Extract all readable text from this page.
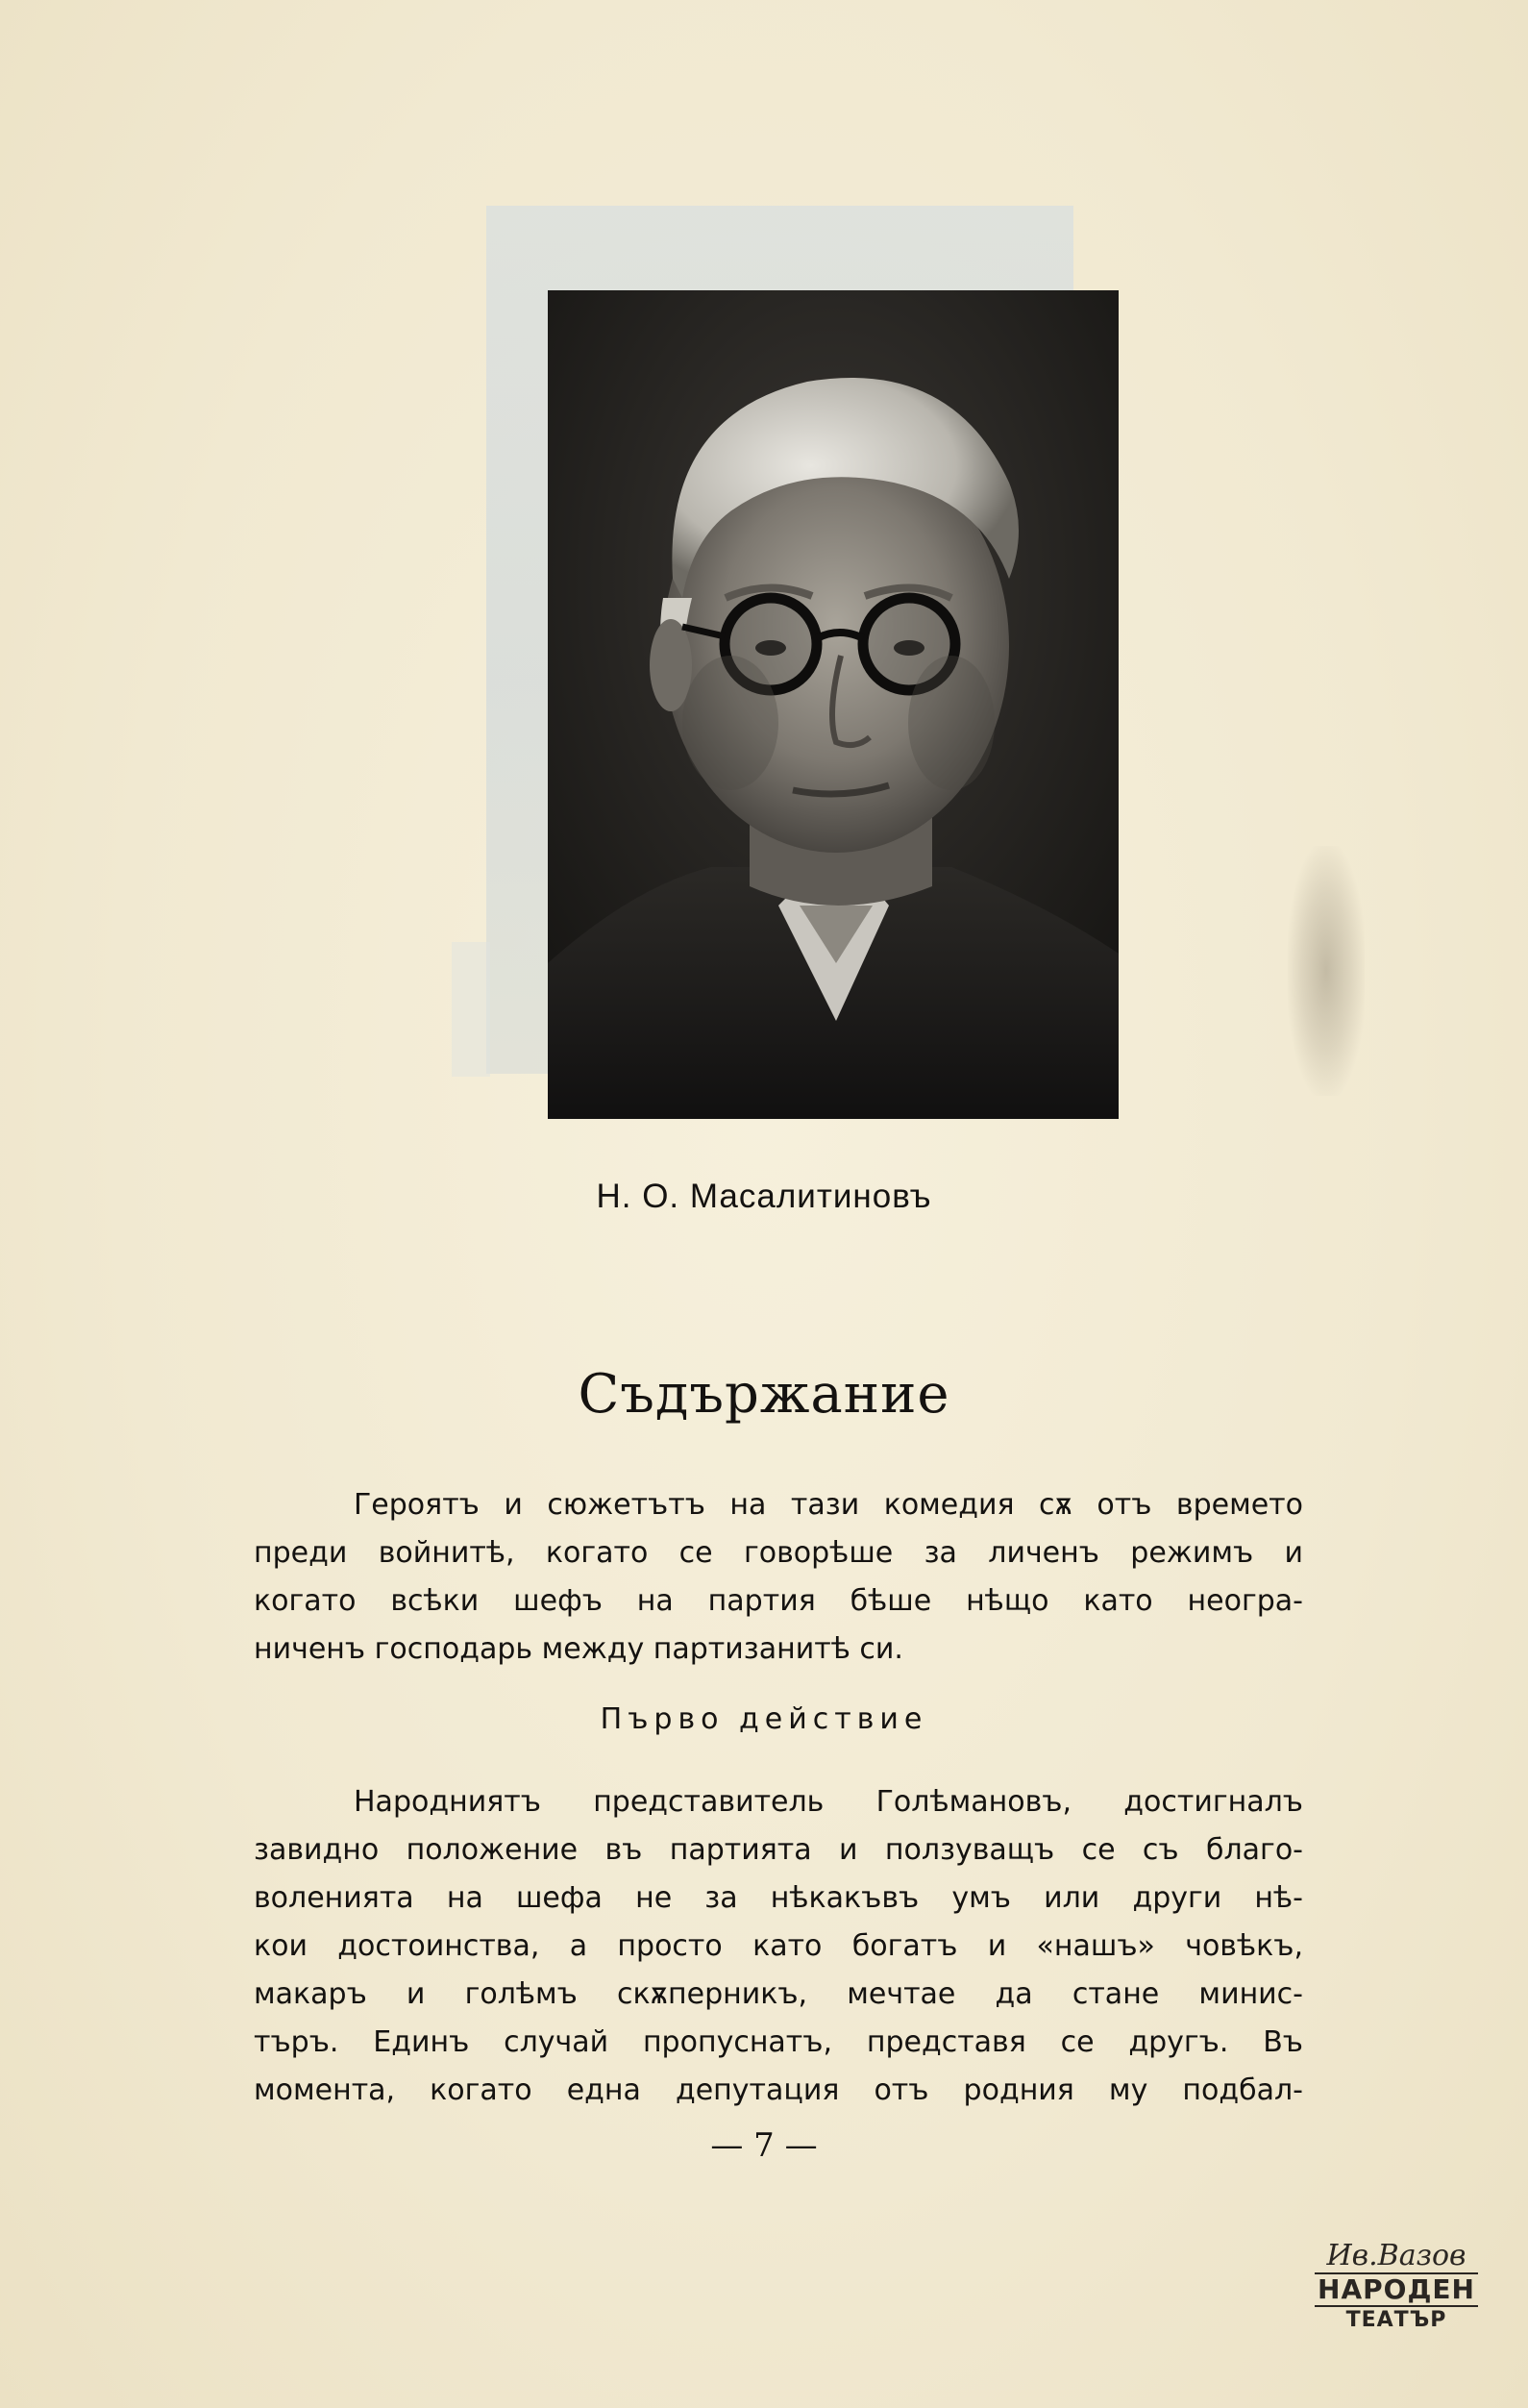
Н. О. Масалитиновъ
Съдържание
Героятъ и сюжетътъ на тази комедия сѫ отъ времето
преди войнитѣ, когато се говорѣше за личенъ режимъ и
когато всѣки шефъ на партия бѣше нѣщо като неогра-
ниченъ господарь между партизанитѣ си.
Първо действие
Народниятъ представитель Голѣмановъ, достигналъ
завидно положение въ партията и ползуващъ се съ благо-
воленията на шефа не за нѣкакъвъ умъ или други нѣ-
кои достоинства, а просто като богатъ и «нашъ» човѣкъ,
макаръ и голѣмъ скѫперникъ, мечтае да стане минис-
търъ. Единъ случай пропуснатъ, представя се другъ. Въ
момента, когато една депутация отъ родния му подбал-
— 7 —
Ив.Вазов
НАРОДЕН
ТЕАТЪР
